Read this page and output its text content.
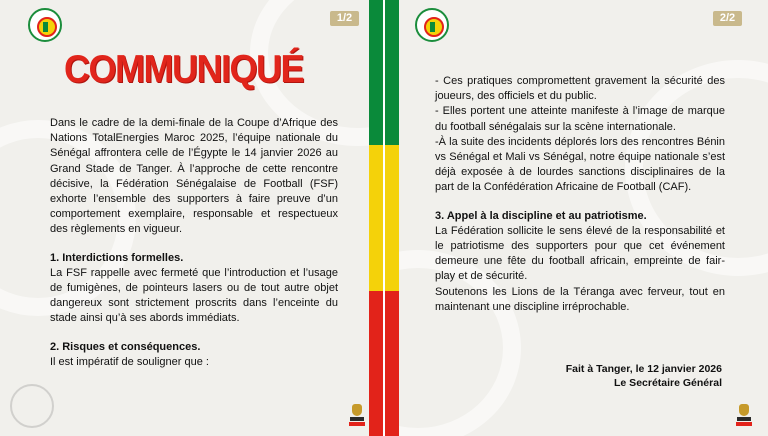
1/2
COMMUNIQUÉ

Dans le cadre de la demi-finale de la Coupe d’Afrique des Nations TotalEnergies Maroc 2025, l’équipe nationale du Sénégal affrontera celle de l’Égypte le 14 janvier 2026 au Grand Stade de Tanger. À l’approche de cette rencontre décisive, la Fédération Sénégalaise de Football (FSF) exhorte l’ensemble des supporters à faire preuve d’un comportement exemplaire, responsable et respectueux des règlements en vigueur.

1. Interdictions formelles.

La FSF rappelle avec fermeté que l’introduction et l’usage de fumigènes, de pointeurs lasers ou de tout autre objet dangereux sont strictement proscrits dans l’enceinte du stade ainsi qu’à ses abords immédiats.

2. Risques et conséquences.

Il est impératif de souligner que :

2/2

- Ces pratiques compromettent gravement la sécurité des joueurs, des officiels et du public.

- Elles portent une atteinte manifeste à l’image de marque du football sénégalais sur la scène internationale.

-À la suite des incidents déplorés lors des rencontres Bénin vs Sénégal et Mali vs Sénégal, notre équipe nationale s’est déjà exposée à de lourdes sanctions disciplinaires de la part de la Confédération Africaine de Football (CAF).

3. Appel à la discipline et au patriotisme.

La Fédération sollicite le sens élevé de la responsabilité et le patriotisme des supporters pour que cet événement demeure une fête du football africain, empreinte de fair-play et de sécurité.

Soutenons les Lions de la Téranga avec ferveur, tout en maintenant une discipline irréprochable.

Fait à Tanger, le 12 janvier 2026
Le Secrétaire Général
